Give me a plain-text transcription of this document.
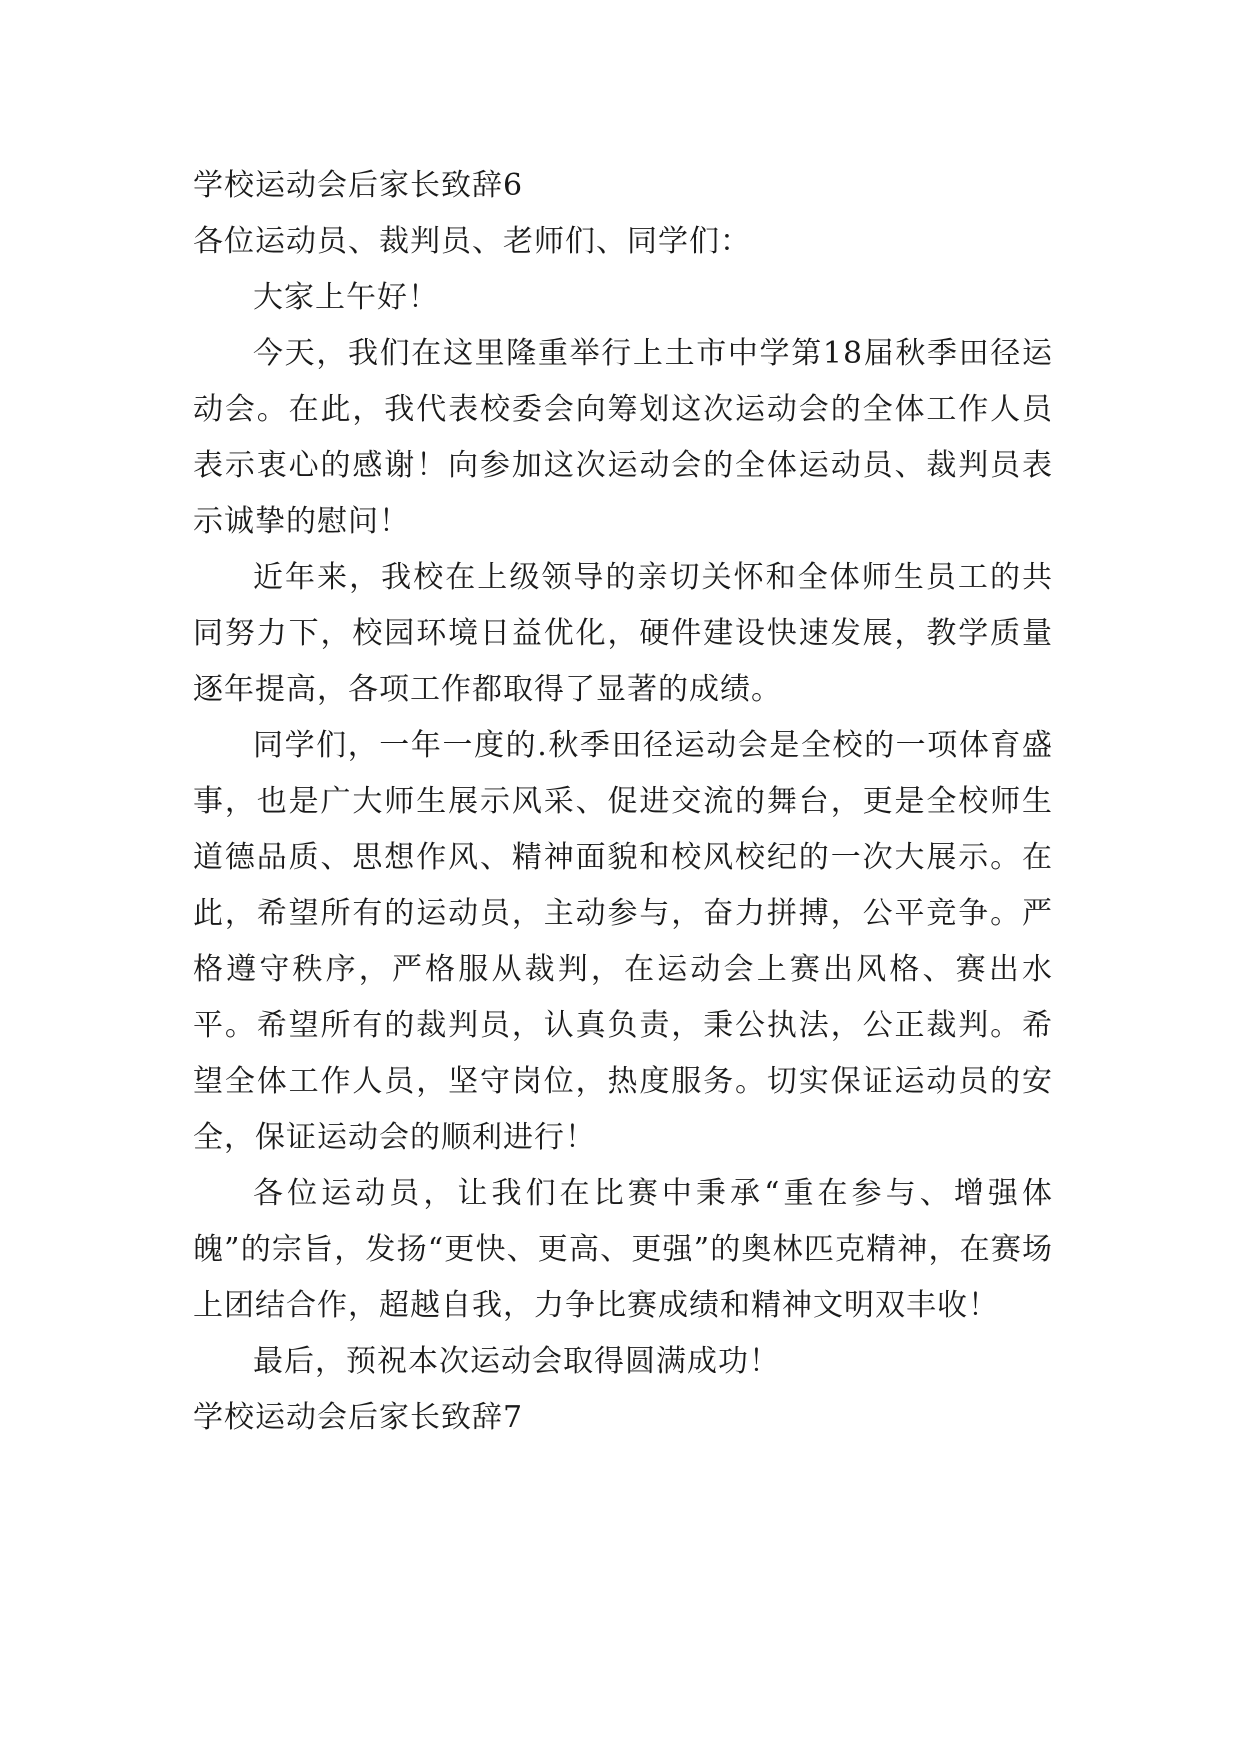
学校运动会后家长致辞6

各位运动员、裁判员、老师们、同学们：

大家上午好！

今天，我们在这里隆重举行上土市中学第18届秋季田径运动会。在此，我代表校委会向筹划这次运动会的全体工作人员表示衷心的感谢！向参加这次运动会的全体运动员、裁判员表示诚挚的慰问！

近年来，我校在上级领导的亲切关怀和全体师生员工的共同努力下，校园环境日益优化，硬件建设快速发展，教学质量逐年提高，各项工作都取得了显著的成绩。

同学们，一年一度的.秋季田径运动会是全校的一项体育盛事，也是广大师生展示风采、促进交流的舞台，更是全校师生道德品质、思想作风、精神面貌和校风校纪的一次大展示。在此，希望所有的运动员，主动参与，奋力拼搏，公平竞争。严格遵守秩序，严格服从裁判，在运动会上赛出风格、赛出水平。希望所有的裁判员，认真负责，秉公执法，公正裁判。希望全体工作人员，坚守岗位，热度服务。切实保证运动员的安全，保证运动会的顺利进行！

各位运动员，让我们在比赛中秉承“重在参与、增强体魄”的宗旨，发扬“更快、更高、更强”的奥林匹克精神，在赛场上团结合作，超越自我，力争比赛成绩和精神文明双丰收！

最后，预祝本次运动会取得圆满成功！

学校运动会后家长致辞7
